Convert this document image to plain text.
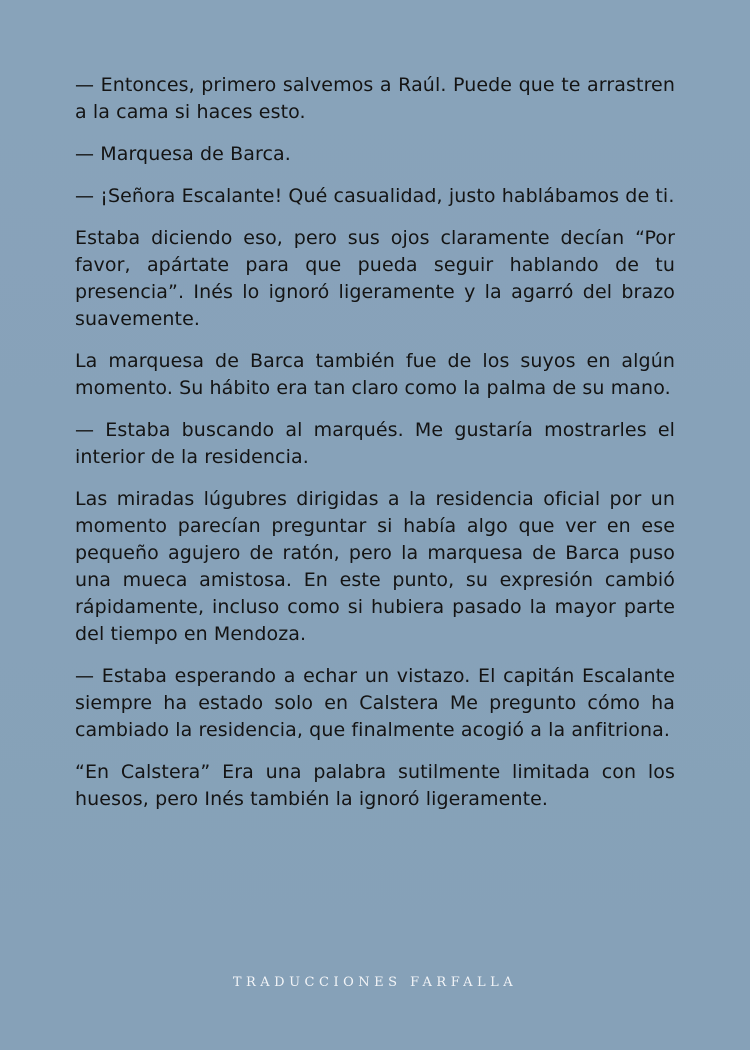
— Entonces, primero salvemos a Raúl. Puede que te arrastren a la cama si haces esto.

— Marquesa de Barca.

— ¡Señora Escalante! Qué casualidad, justo hablábamos de ti.

Estaba diciendo eso, pero sus ojos claramente decían “Por favor, apártate para que pueda seguir hablando de tu presencia”. Inés lo ignoró ligeramente y la agarró del brazo suavemente.

La marquesa de Barca también fue de los suyos en algún momento. Su hábito era tan claro como la palma de su mano.

— Estaba buscando al marqués. Me gustaría mostrarles el interior de la residencia.

Las miradas lúgubres dirigidas a la residencia oficial por un momento parecían preguntar si había algo que ver en ese pequeño agujero de ratón, pero la marquesa de Barca puso una mueca amistosa. En este punto, su expresión cambió rápidamente, incluso como si hubiera pasado la mayor parte del tiempo en Mendoza.

— Estaba esperando a echar un vistazo. El capitán Escalante siempre ha estado solo en Calstera Me pregunto cómo ha cambiado la residencia, que finalmente acogió a la anfitriona.

“En Calstera” Era una palabra sutilmente limitada con los huesos, pero Inés también la ignoró ligeramente.

TRADUCCIONES FARFALLA
